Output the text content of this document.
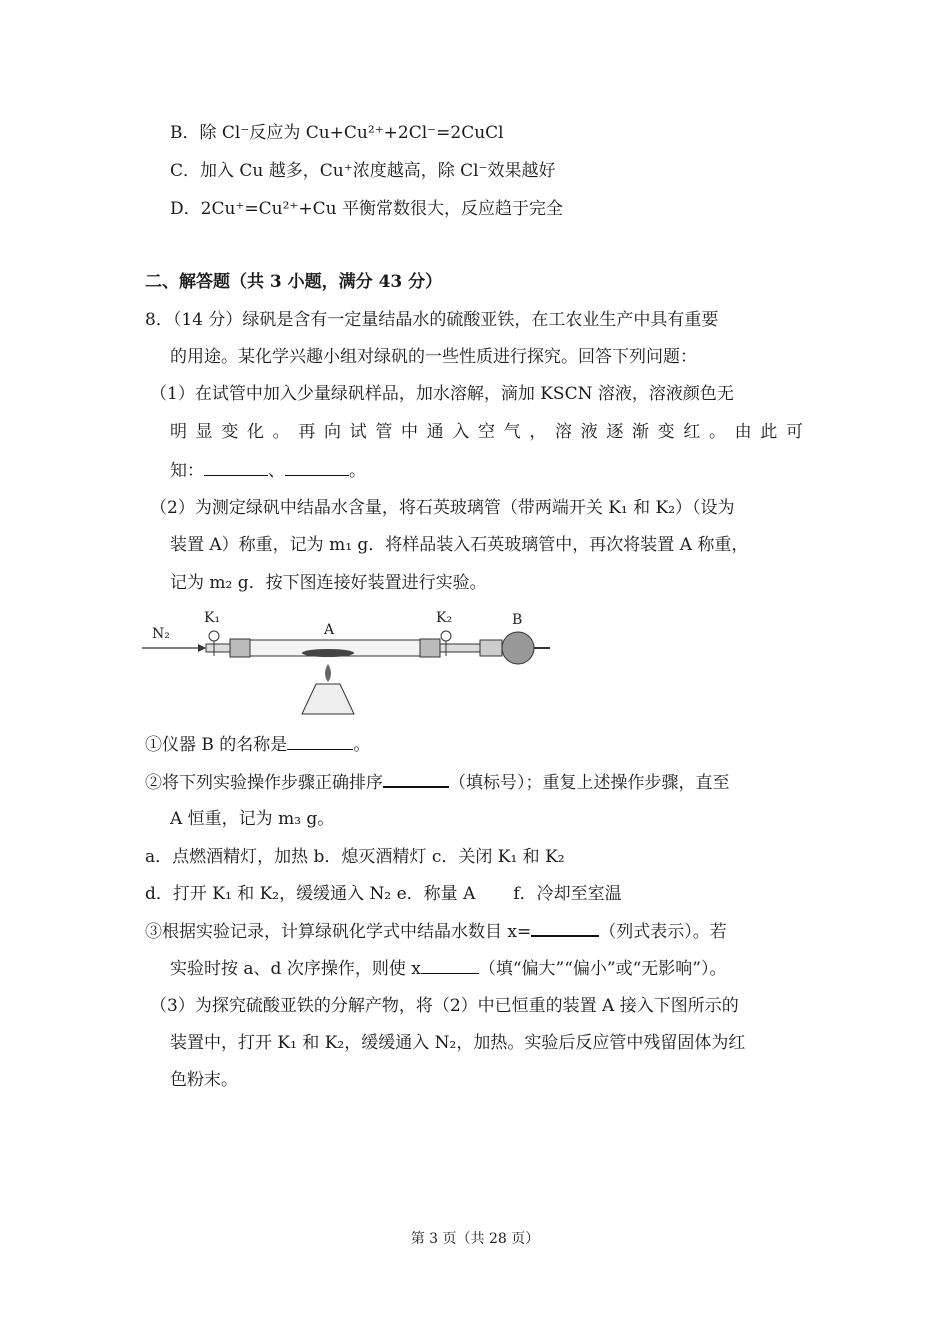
B．除 Cl⁻反应为 Cu+Cu²⁺+2Cl⁻=2CuCl
C．加入 Cu 越多，Cu⁺浓度越高，除 Cl⁻效果越好
D．2Cu⁺=Cu²⁺+Cu 平衡常数很大，反应趋于完全
二、解答题（共 3 小题，满分 43 分）
8．（14 分）绿矾是含有一定量结晶水的硫酸亚铁，在工农业生产中具有重要
的用途。某化学兴趣小组对绿矾的一些性质进行探究。回答下列问题：
（1）在试管中加入少量绿矾样品，加水溶解，滴加 KSCN 溶液，溶液颜色无
明显变化。再向试管中通入空气，溶液逐渐变红。由此可
知：	、	。
（2）为测定绿矾中结晶水含量，将石英玻璃管（带两端开关 K₁ 和 K₂）（设为
装置 A）称重，记为 m₁ g．将样品装入石英玻璃管中，再次将装置 A 称重，
记为 m₂ g．按下图连接好装置进行实验。
N₂
K₁
A
K₂	B
①仪器 B 的名称是	。
②将下列实验操作步骤正确排序	（填标号）；重复上述操作步骤，直至
A 恒重，记为 m₃ g。
a．点燃酒精灯，加热 b．熄灭酒精灯 c．关闭 K₁ 和 K₂
d．打开 K₁ 和 K₂，缓缓通入 N₂ e．称量 A f．冷却至室温
③根据实验记录，计算绿矾化学式中结晶水数目 x=	（列式表示）。若
实验时按 a、d 次序操作，则使 x	（填“偏大”“偏小”或“无影响”）。
（3）为探究硫酸亚铁的分解产物，将（2）中已恒重的装置 A 接入下图所示的
装置中，打开 K₁ 和 K₂，缓缓通入 N₂，加热。实验后反应管中残留固体为红
色粉末。
第 3 页（共 28 页）
